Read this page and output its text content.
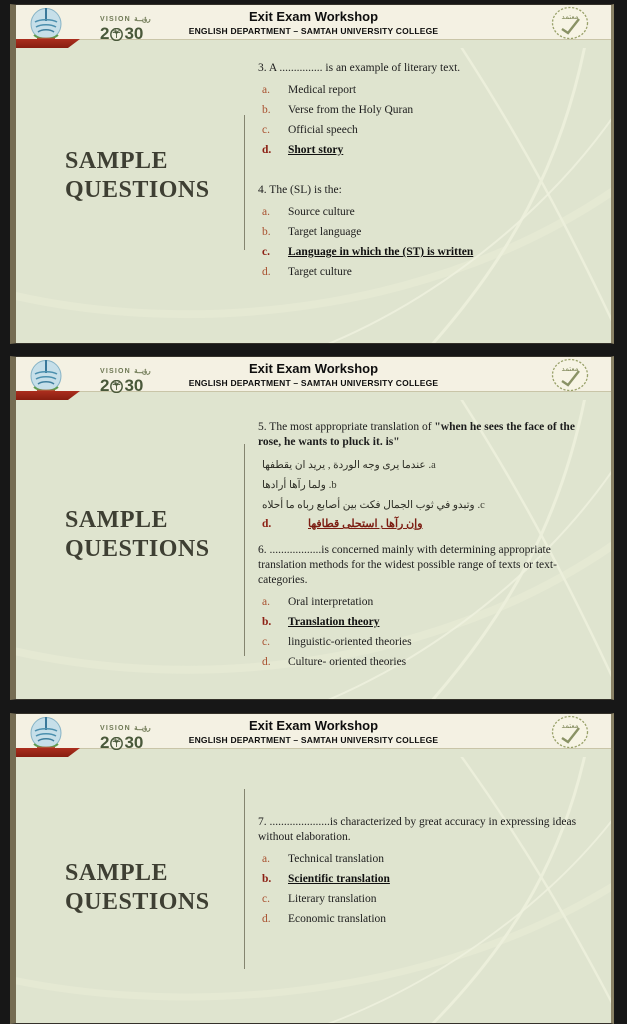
VISION رؤيــة
2 30
Exit Exam Workshop
ENGLISH DEPARTMENT – SAMTAH UNIVERSITY COLLEGE
معتمد
SAMPLE
QUESTIONS
3. A ............... is an example of literary text.
a.	Medical report
b.	Verse from the Holy Quran
c.	Official speech
d.	Short story
4. The (SL) is the:
a.	Source culture
b.	Target language
c.	Language in which the (ST) is written
d.	Target culture
VISION رؤيــة
2 30
Exit Exam Workshop
ENGLISH DEPARTMENT – SAMTAH UNIVERSITY COLLEGE
معتمد
SAMPLE
QUESTIONS
5. The most appropriate translation of "when he sees the face of the rose, he wants to pluck it. is"
a. عندما يرى وجه الوردة , يريد ان يقطفها
b. ولما رآها أرادها
c. وتبدو في ثوب الجمال فكت بين أصابع رباه ما أحلاه
d.	وإن رآها , استحلى قطافها
6. ..................is concerned mainly with determining appropriate translation methods for the widest possible range of texts or text-categories.
a.	Oral interpretation
b.	Translation theory
c.	linguistic-oriented theories
d.	Culture- oriented theories
VISION رؤيــة
2 30
Exit Exam Workshop
ENGLISH DEPARTMENT – SAMTAH UNIVERSITY COLLEGE
معتمد
SAMPLE
QUESTIONS
7. .....................is characterized by great accuracy in expressing ideas without elaboration.
a.	Technical translation
b.	Scientific translation
c.	Literary translation
d.	Economic translation
